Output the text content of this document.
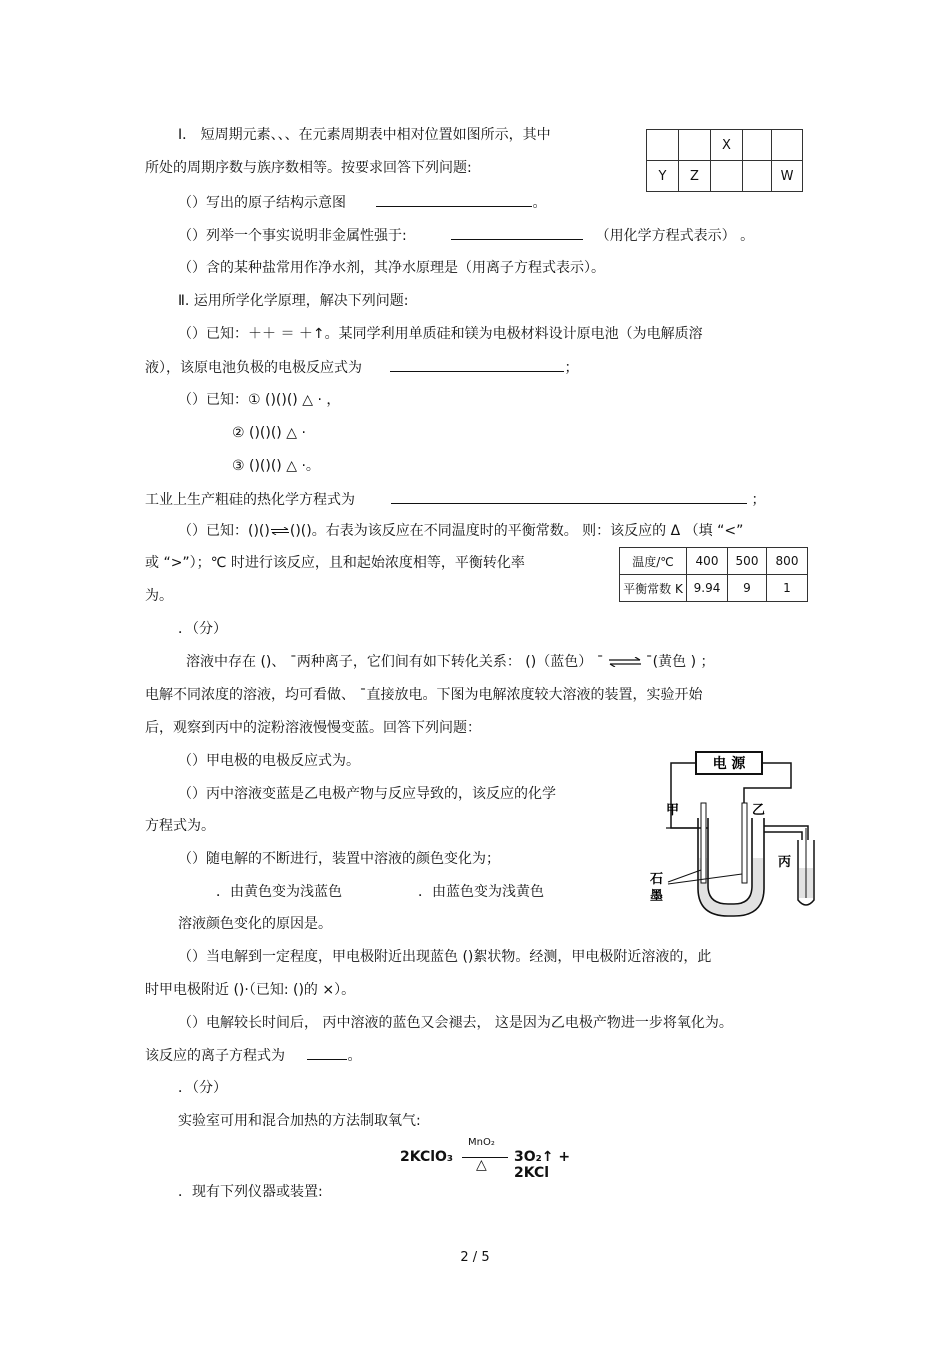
Ⅰ． 短周期元素、、、在元素周期表中相对位置如图所示，其中
所处的周期序数与族序数相等。按要求回答下列问题:
		X		
Y	Z			W
（）写出的原子结构示意图	。
（）列举一个事实说明非金属性强于:	（用化学方程式表示） 。
（）含的某种盐常用作净水剂，其净水原理是（用离子方程式表示）。
Ⅱ. 运用所学化学原理，解决下列问题:
（）已知：＋＋ ＝ ＋↑。某同学利用单质硅和镁为电极材料设计原电池（为电解质溶
液），该原电池负极的电极反应式为	；
（）已知：① ()()() △ · ，
② ()()() △ ·
③ ()()() △ ·。
工业上生产粗硅的热化学方程式为	；
（）已知：()()⇌()()。右表为该反应在不同温度时的平衡常数。 则：该反应的 Δ （填 “<”
或 “>”）；℃ 时进行该反应，且和起始浓度相等，平衡转化率
为。
温度/℃	400	500	800
平衡常数 K	9.94	9	1
．（分）
溶液中存在 ()、 ¯两种离子，它们间有如下转化关系： ()（蓝色） ¯ ⇌ ¯(黄色 ) ；
电解不同浓度的溶液，均可看做、 ¯直接放电。下图为电解浓度较大溶液的装置，实验开始
后，观察到丙中的淀粉溶液慢慢变蓝。回答下列问题：
（）甲电极的电极反应式为。
（）丙中溶液变蓝是乙电极产物与反应导致的，该反应的化学
方程式为。
（）随电解的不断进行，装置中溶液的颜色变化为；
．由黄色变为浅蓝色	．由蓝色变为浅黄色
溶液颜色变化的原因是。
（）当电解到一定程度，甲电极附近出现蓝色 ()絮状物。经测，甲电极附近溶液的，此
时甲电极附近 ()·（已知: ()的 ×）。
（）电解较长时间后， 丙中溶液的蓝色又会褪去， 这是因为乙电极产物进一步将氧化为。
该反应的离子方程式为	。
电 源
甲	乙
丙
石
墨
．（分）
实验室可用和混合加热的方法制取氧气:
2KClO₃
MnO₂
△ 3O₂↑ + 2KCl
．现有下列仪器或装置:
2 / 5
